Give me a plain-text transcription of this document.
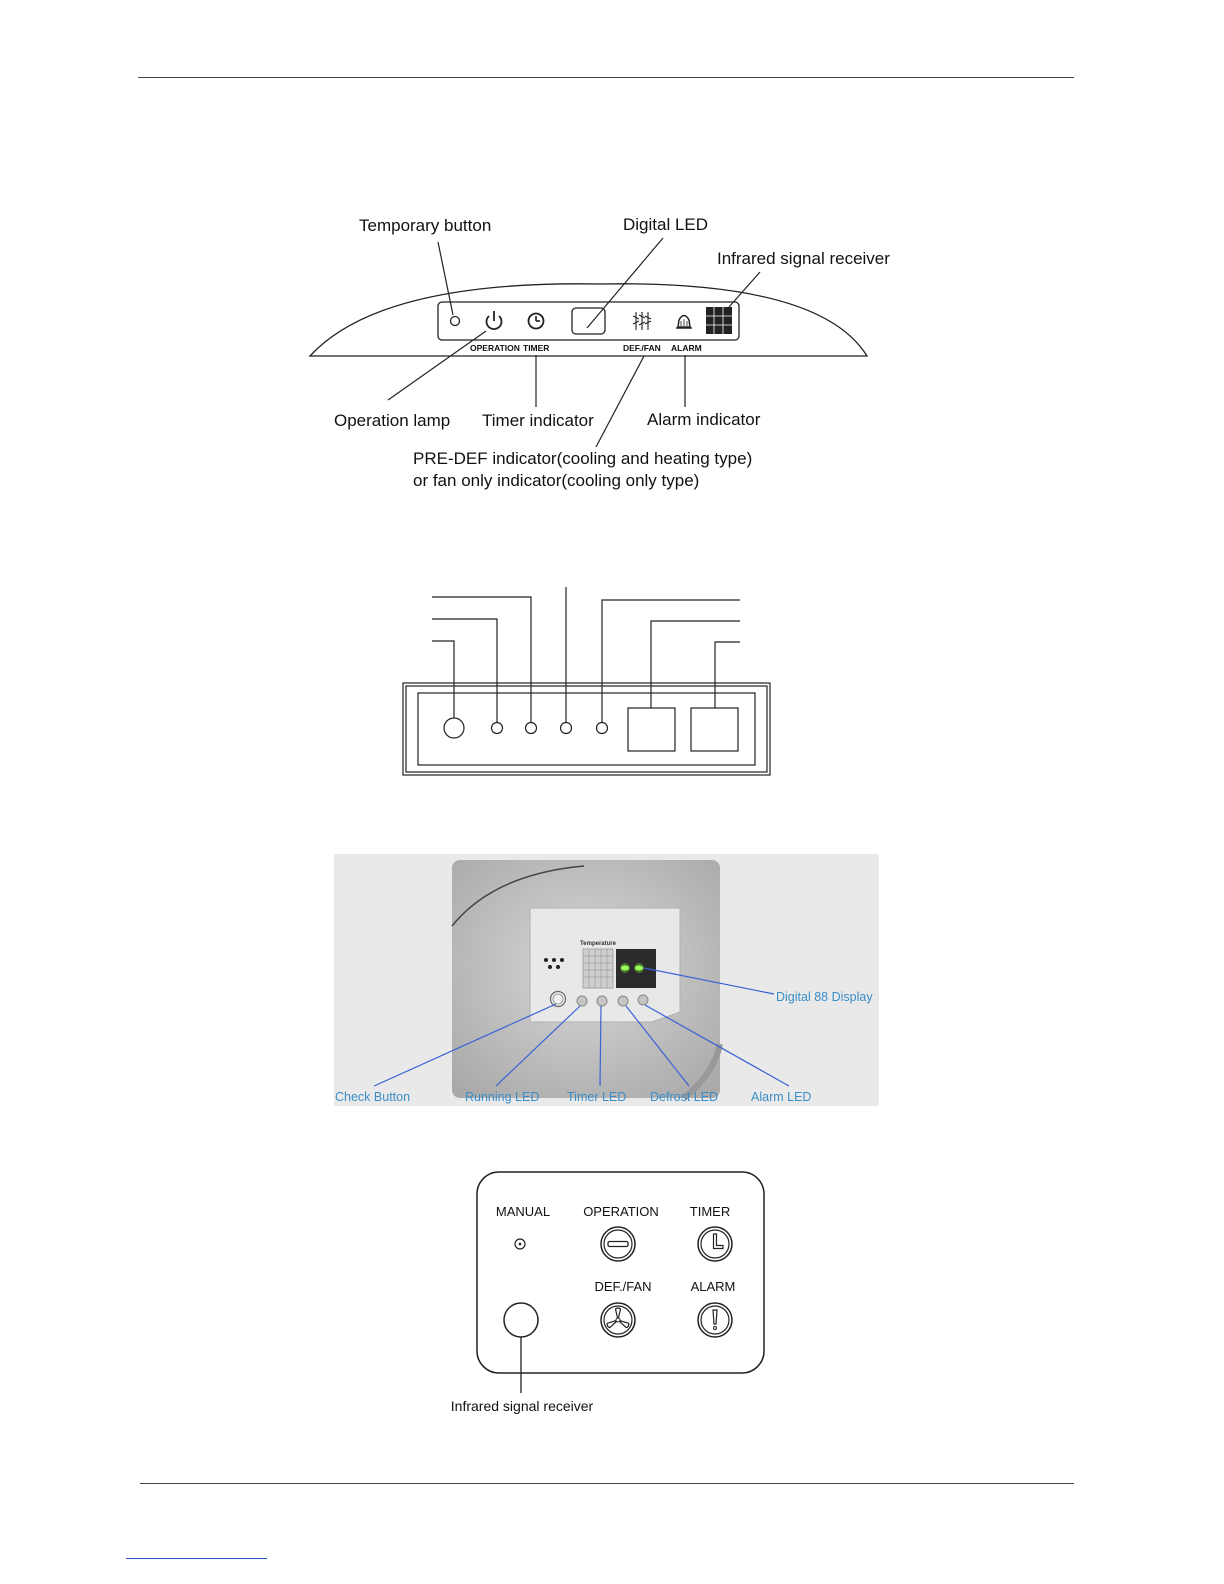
OPERATION TIMER	DEF./FAN ALARM
Temporary button	Digital LED
Infrared signal receiver
Operation lamp Timer indicator	Alarm indicator
PRE-DEF indicator(cooling and heating type)
or fan only indicator(cooling only type)
Temperature
Digital 88 Display
Check Button	Running LED Timer LED Defrost LED	Alarm LED
MANUAL	OPERATION TIMER
DEF./FAN	ALARM
Infrared signal receiver
